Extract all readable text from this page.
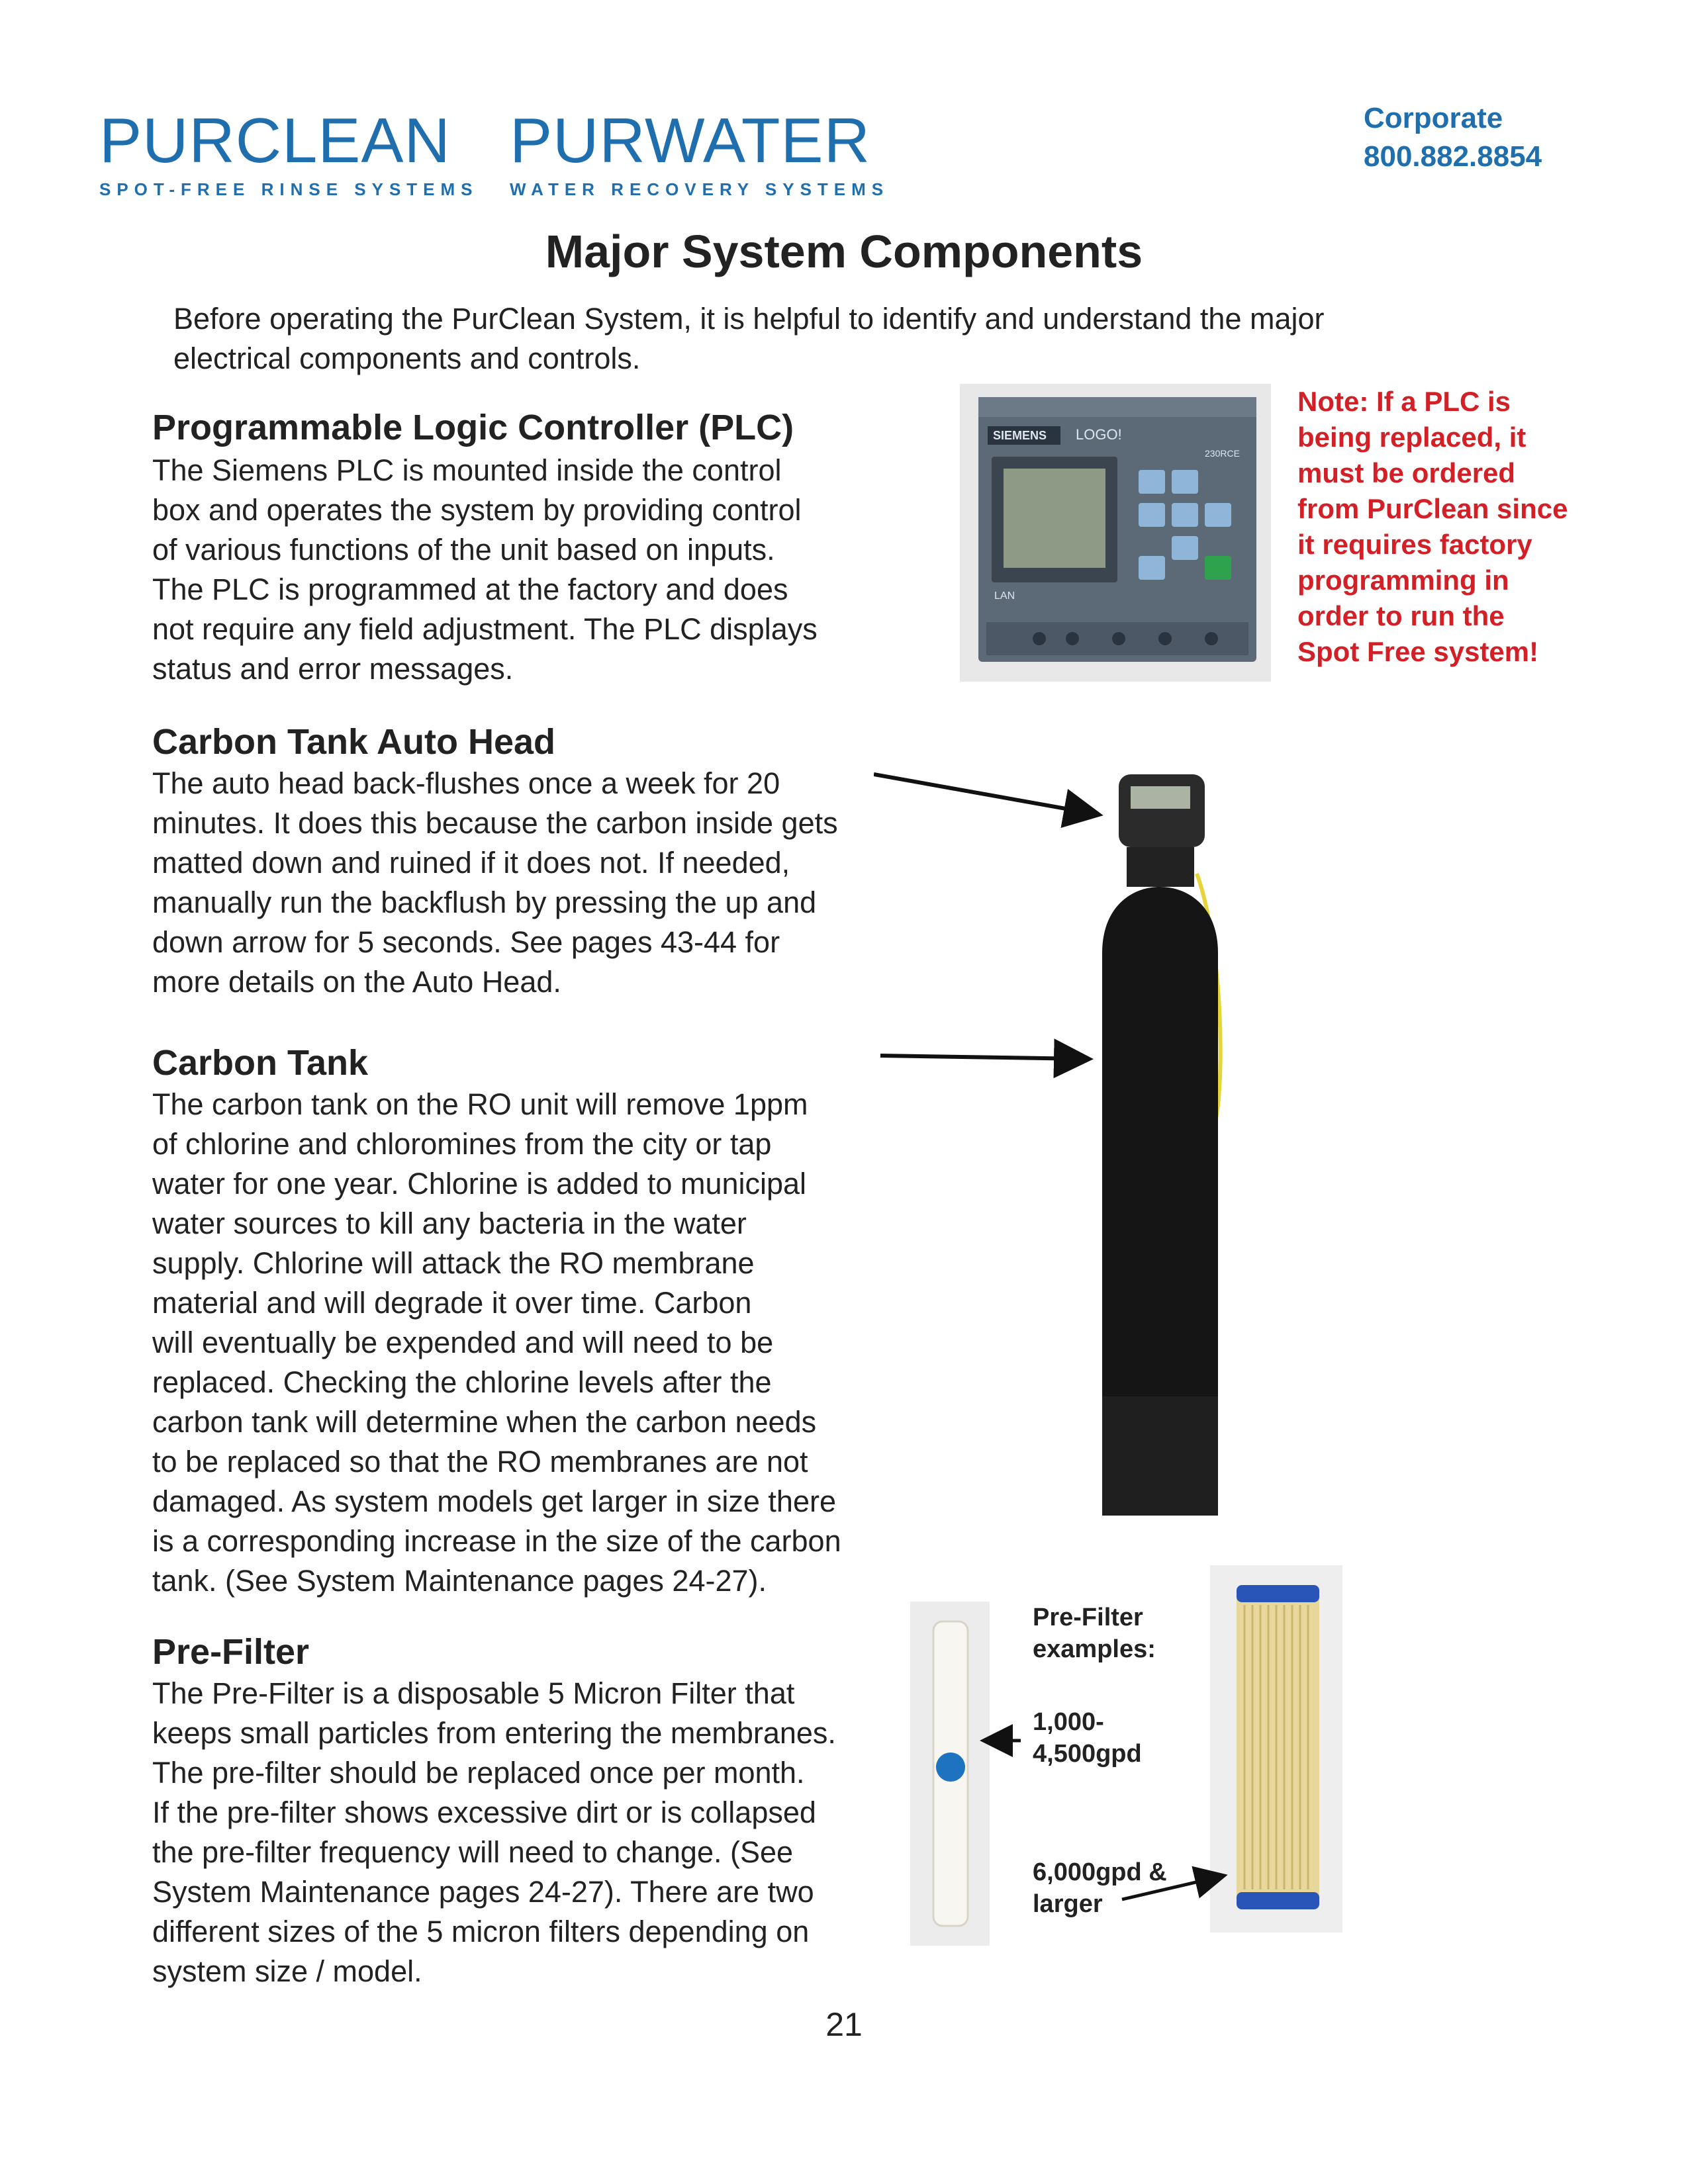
PURCLEAN
SPOT-FREE RINSE SYSTEMS
PURWATER
WATER RECOVERY SYSTEMS
Corporate
800.882.8854
Major System Components
Before operating the PurClean System, it is helpful to identify and understand the major
electrical components and controls.
Programmable Logic Controller (PLC)
The Siemens PLC is mounted inside the control
box and operates the system by providing control
of various functions of the unit based on inputs.
The PLC is programmed at the factory and does
not require any field adjustment. The PLC displays
status and error messages.
SIEMENS LOGO!
LAN
230RCE
Note: If a PLC is
being replaced, it
must be ordered
from PurClean since
it requires factory
programming in
order to run the
Spot Free system!
Carbon Tank Auto Head
The auto head back-flushes once a week for 20
minutes. It does this because the carbon inside gets
matted down and ruined if it does not. If needed,
manually run the backflush by pressing the up and
down arrow for 5 seconds. See pages 43-44 for
more details on the Auto Head.
Carbon Tank
The carbon tank on the RO unit will remove 1ppm
of chlorine and chloromines from the city or tap
water for one year. Chlorine is added to municipal
water sources to kill any bacteria in the water
supply. Chlorine will attack the RO membrane
material and will degrade it over time. Carbon
will eventually be expended and will need to be
replaced. Checking the chlorine levels after the
carbon tank will determine when the carbon needs
to be replaced so that the RO membranes are not
damaged. As system models get larger in size there
is a corresponding increase in the size of the carbon
tank. (See System Maintenance pages 24-27).
Pre-Filter
The Pre-Filter is a disposable 5 Micron Filter that
keeps small particles from entering the membranes.
The pre-filter should be replaced once per month.
If the pre-filter shows excessive dirt or is collapsed
the pre-filter frequency will need to change. (See
System Maintenance pages 24-27). There are two
different sizes of the 5 micron filters depending on
system size / model.
Pre-Filter
examples:
1,000-
4,500gpd
6,000gpd &
larger
21
